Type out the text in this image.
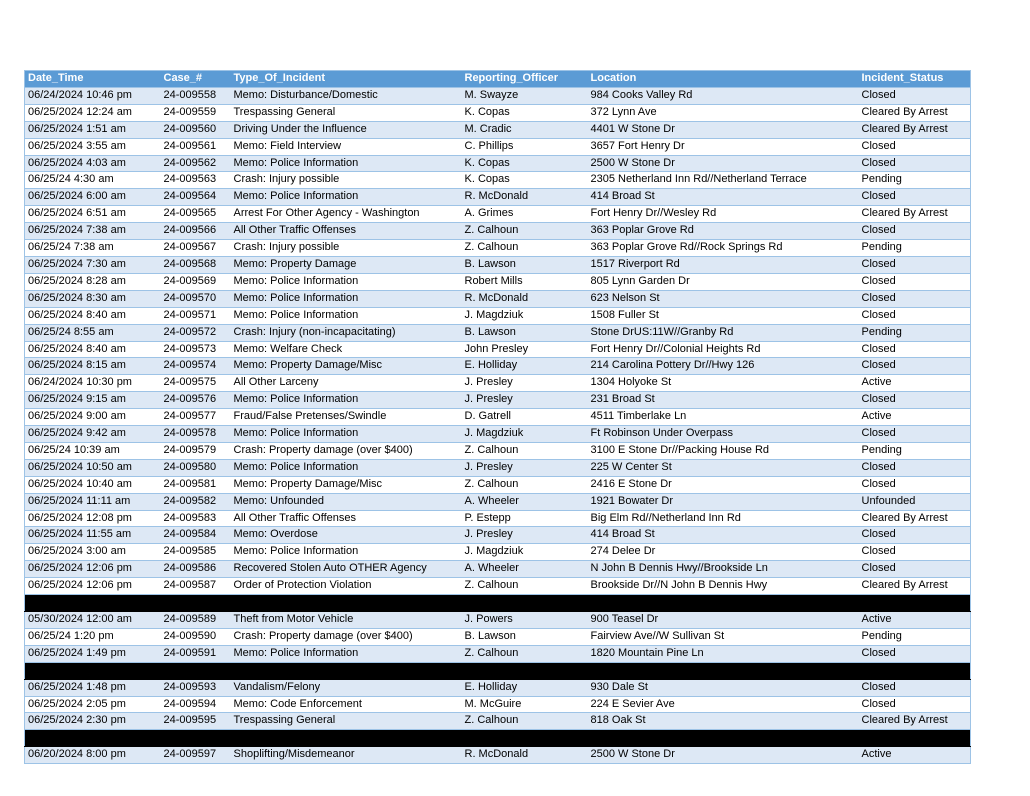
Date_Time	Case_#	Type_Of_Incident	Reporting_Officer	Location	Incident_Status
06/24/2024 10:46 pm	24-009558	Memo: Disturbance/Domestic	M. Swayze	984 Cooks Valley Rd	Closed
06/25/2024 12:24 am	24-009559	Trespassing General	K. Copas	372 Lynn Ave	Cleared By Arrest
06/25/2024 1:51 am	24-009560	Driving Under the Influence	M. Cradic	4401 W Stone Dr	Cleared By Arrest
06/25/2024 3:55 am	24-009561	Memo: Field Interview	C. Phillips	3657 Fort Henry Dr	Closed
06/25/2024 4:03 am	24-009562	Memo: Police Information	K. Copas	2500 W Stone Dr	Closed
06/25/24 4:30 am	24-009563	Crash: Injury possible	K. Copas	2305 Netherland Inn Rd//Netherland Terrace	Pending
06/25/2024 6:00 am	24-009564	Memo: Police Information	R. McDonald	414 Broad St	Closed
06/25/2024 6:51 am	24-009565	Arrest For Other Agency - Washington	A. Grimes	Fort Henry Dr//Wesley Rd	Cleared By Arrest
06/25/2024 7:38 am	24-009566	All Other Traffic Offenses	Z. Calhoun	363 Poplar Grove Rd	Closed
06/25/24 7:38 am	24-009567	Crash: Injury possible	Z. Calhoun	363 Poplar Grove Rd//Rock Springs Rd	Pending
06/25/2024 7:30 am	24-009568	Memo: Property Damage	B. Lawson	1517 Riverport Rd	Closed
06/25/2024 8:28 am	24-009569	Memo: Police Information	Robert Mills	805 Lynn Garden Dr	Closed
06/25/2024 8:30 am	24-009570	Memo: Police Information	R. McDonald	623 Nelson St	Closed
06/25/2024 8:40 am	24-009571	Memo: Police Information	J. Magdziuk	1508 Fuller St	Closed
06/25/24 8:55 am	24-009572	Crash: Injury (non-incapacitating)	B. Lawson	Stone DrUS:11W//Granby Rd	Pending
06/25/2024 8:40 am	24-009573	Memo: Welfare Check	John Presley	Fort Henry Dr//Colonial Heights Rd	Closed
06/25/2024 8:15 am	24-009574	Memo: Property Damage/Misc	E. Holliday	214 Carolina Pottery Dr//Hwy 126	Closed
06/24/2024 10:30 pm	24-009575	All Other Larceny	J. Presley	1304 Holyoke St	Active
06/25/2024 9:15 am	24-009576	Memo: Police Information	J. Presley	231 Broad St	Closed
06/25/2024 9:00 am	24-009577	Fraud/False Pretenses/Swindle	D. Gatrell	4511 Timberlake Ln	Active
06/25/2024 9:42 am	24-009578	Memo: Police Information	J. Magdziuk	Ft Robinson Under Overpass	Closed
06/25/24 10:39 am	24-009579	Crash: Property damage (over $400)	Z. Calhoun	3100 E Stone Dr//Packing House Rd	Pending
06/25/2024 10:50 am	24-009580	Memo: Police Information	J. Presley	225 W Center St	Closed
06/25/2024 10:40 am	24-009581	Memo: Property Damage/Misc	Z. Calhoun	2416 E Stone Dr	Closed
06/25/2024 11:11 am	24-009582	Memo: Unfounded	A. Wheeler	1921 Bowater Dr	Unfounded
06/25/2024 12:08 pm	24-009583	All Other Traffic Offenses	P. Estepp	Big Elm Rd//Netherland Inn Rd	Cleared By Arrest
06/25/2024 11:55 am	24-009584	Memo: Overdose	J. Presley	414 Broad St	Closed
06/25/2024 3:00 am	24-009585	Memo: Police Information	J. Magdziuk	274 Delee Dr	Closed
06/25/2024 12:06 pm	24-009586	Recovered Stolen Auto OTHER Agency	A. Wheeler	N John B Dennis Hwy//Brookside Ln	Closed
06/25/2024 12:06 pm	24-009587	Order of Protection Violation	Z. Calhoun	Brookside Dr//N John B Dennis Hwy	Cleared By Arrest

05/30/2024 12:00 am	24-009589	Theft from Motor Vehicle	J. Powers	900 Teasel Dr	Active
06/25/24 1:20 pm	24-009590	Crash: Property damage (over $400)	B. Lawson	Fairview Ave//W Sullivan St	Pending
06/25/2024 1:49 pm	24-009591	Memo: Police Information	Z. Calhoun	1820 Mountain Pine Ln	Closed

06/25/2024 1:48 pm	24-009593	Vandalism/Felony	E. Holliday	930 Dale St	Closed
06/25/2024 2:05 pm	24-009594	Memo: Code Enforcement	M. McGuire	224 E Sevier Ave	Closed
06/25/2024 2:30 pm	24-009595	Trespassing General	Z. Calhoun	818 Oak St	Cleared By Arrest

06/20/2024 8:00 pm	24-009597	Shoplifting/Misdemeanor	R. McDonald	2500 W Stone Dr	Active
